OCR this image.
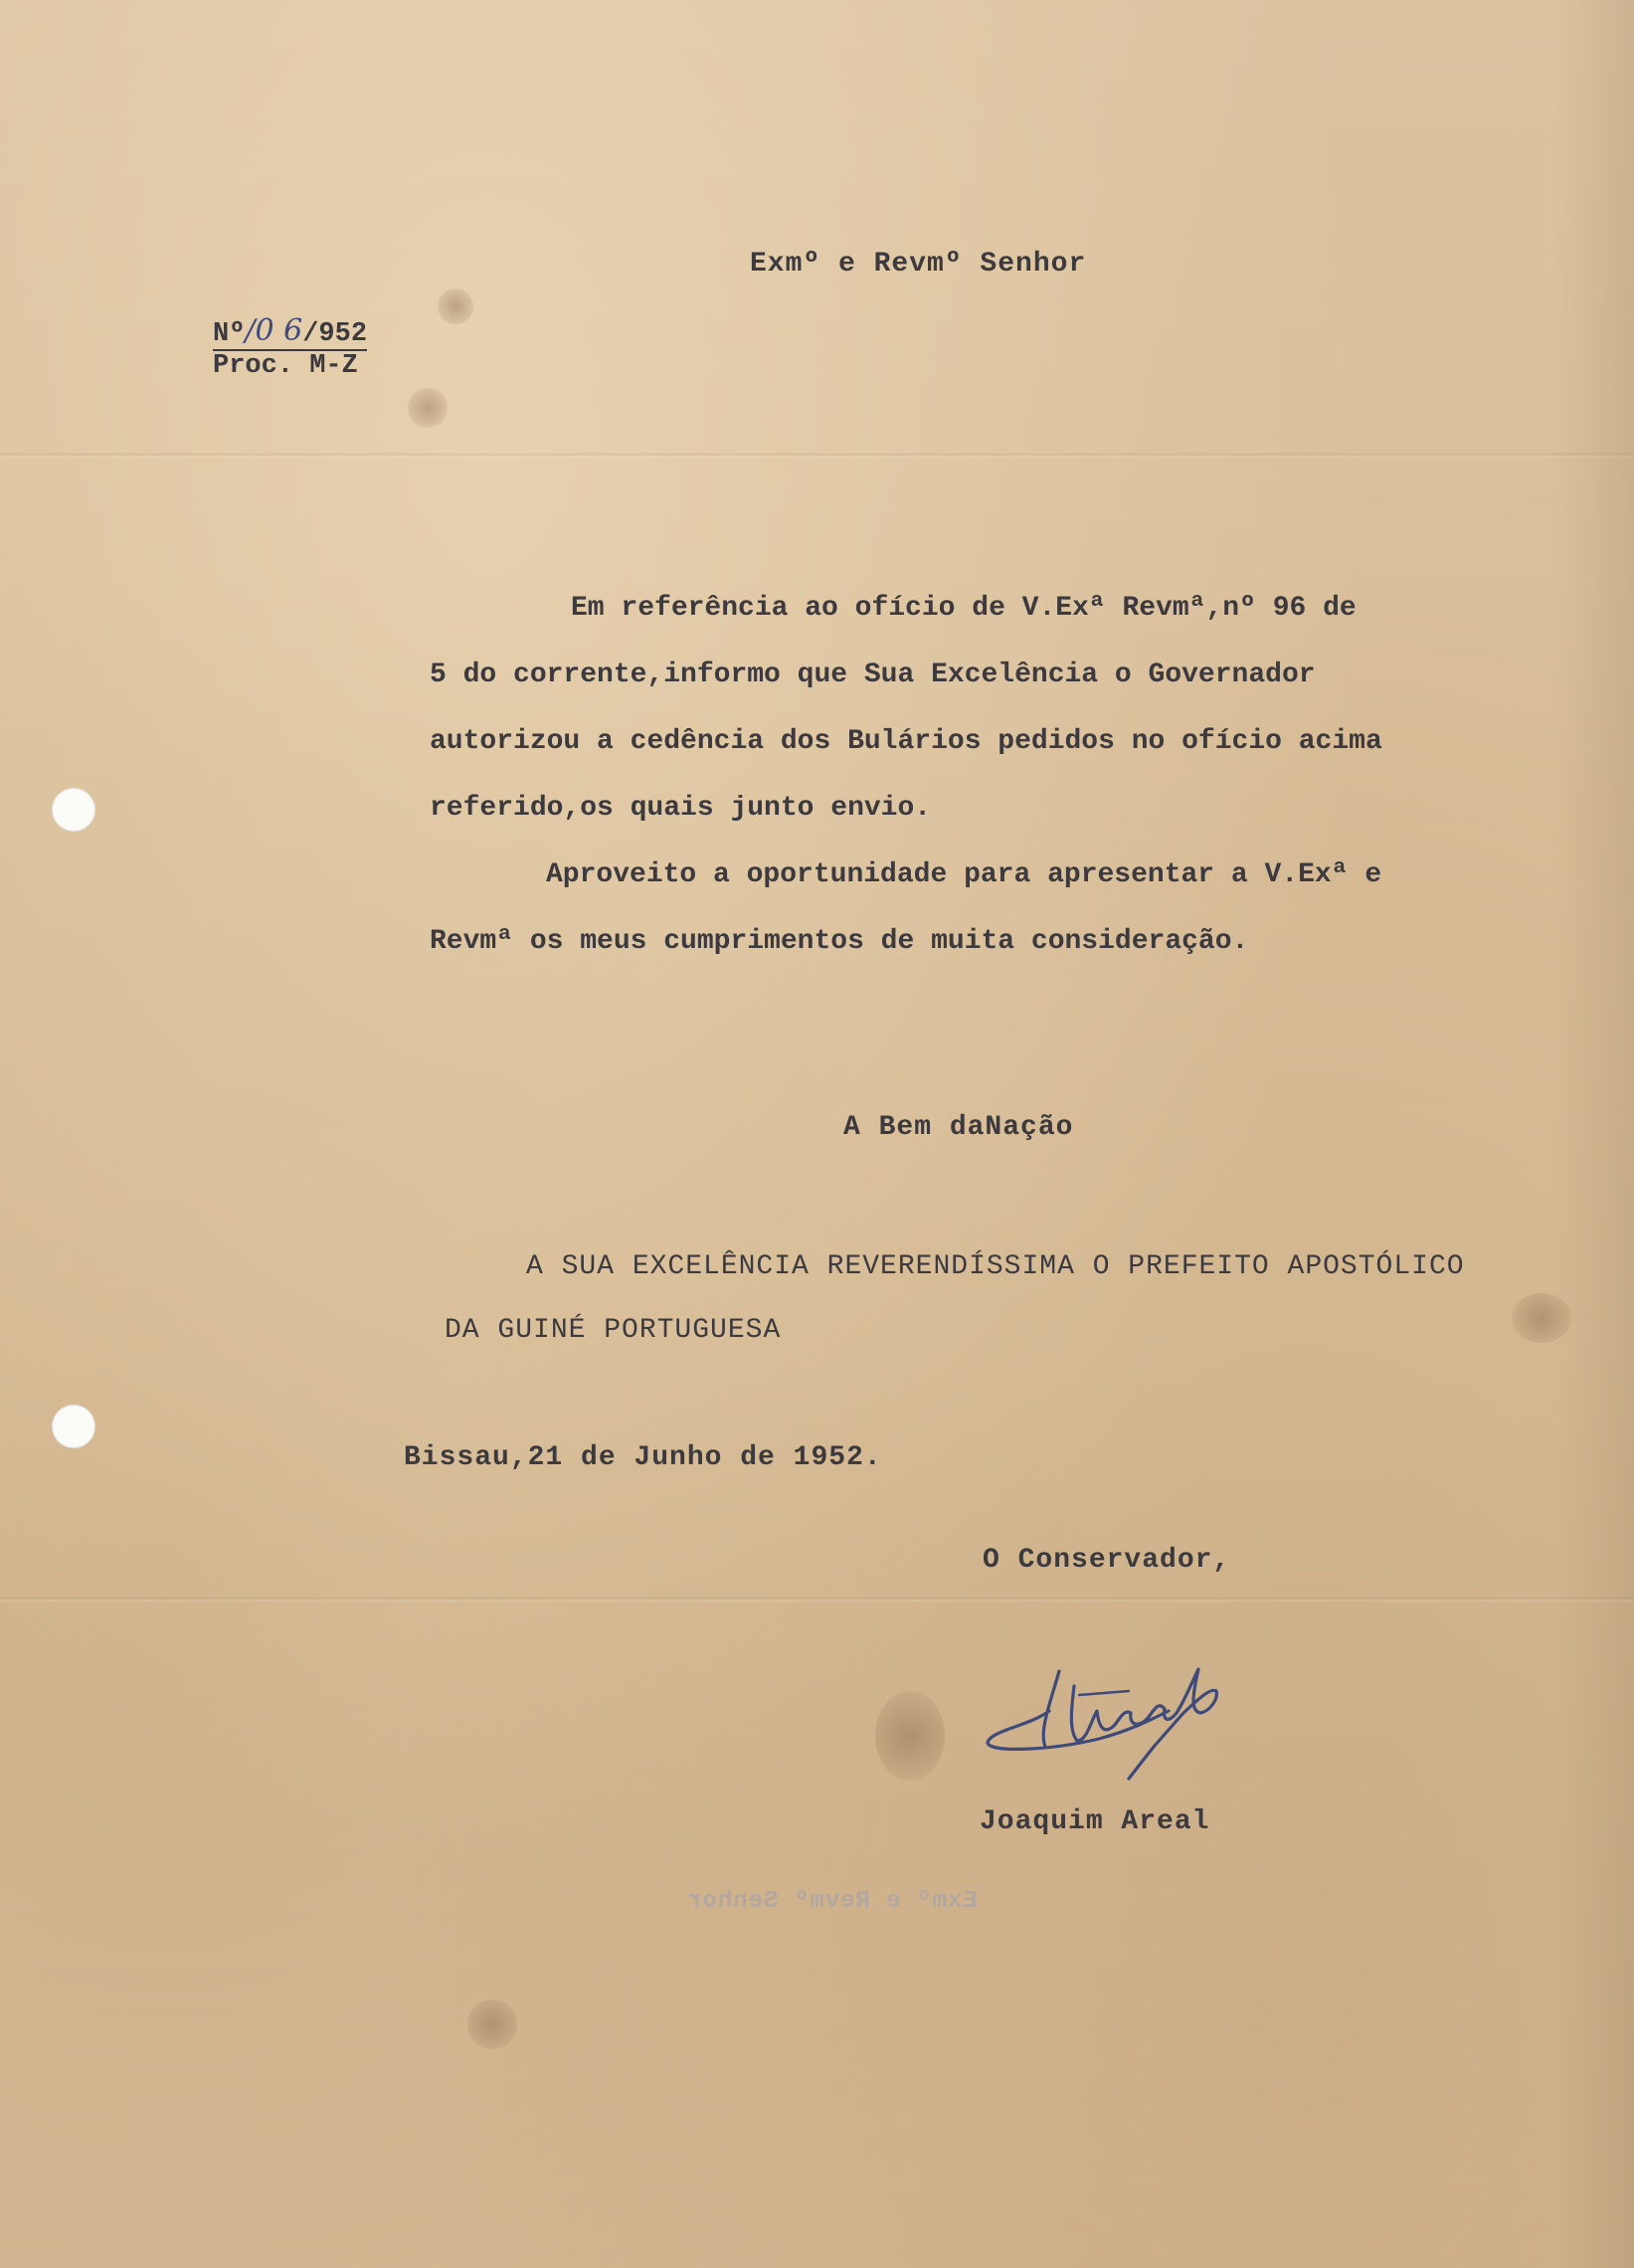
Exmº e Revmº Senhor
Nº/0 6/952
Proc. M-Z

Em referência ao ofício de V.Exª Revmª,nº 96 de

5 do corrente,informo que Sua Excelência o Governador

autorizou a cedência dos Bulários pedidos no ofício acima

referido,os quais junto envio.

Aproveito a oportunidade para apresentar a V.Exª e

Revmª os meus cumprimentos de muita consideração.

A Bem daNação
A SUA EXCELÊNCIA REVERENDÍSSIMA O PREFEITO APOSTÓLICO
DA GUINÉ PORTUGUESA
Bissau,21 de Junho de 1952.
O Conservador,
Joaquim Areal
Exmº e Revmº Senhor
